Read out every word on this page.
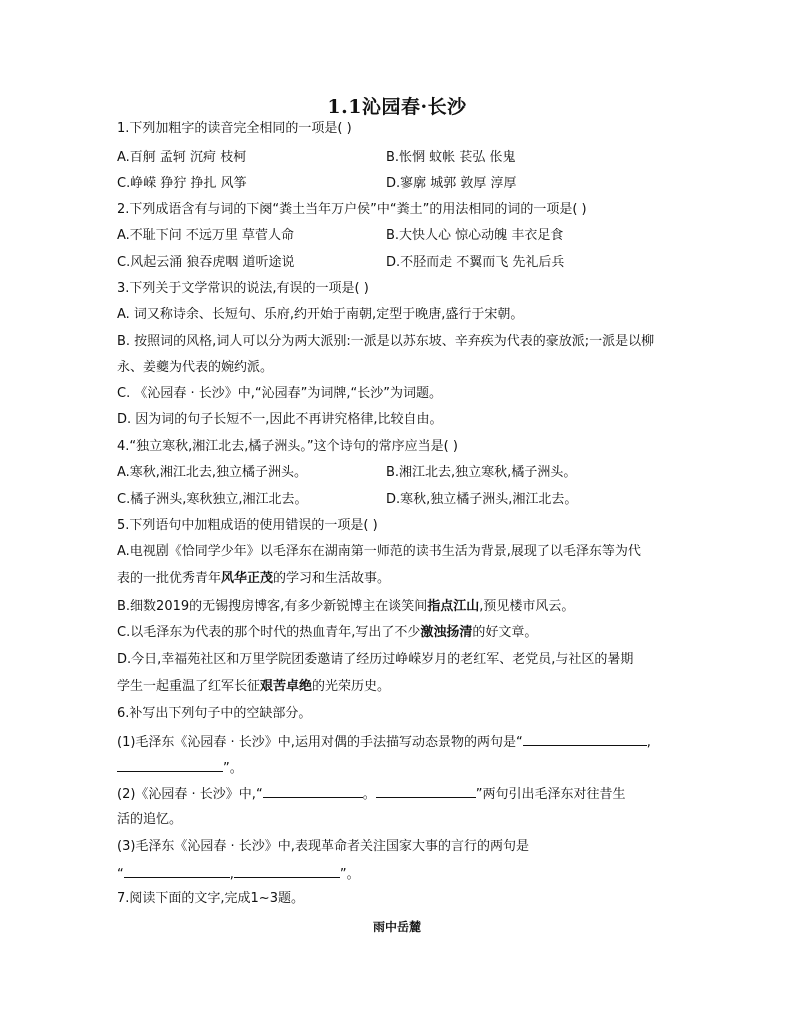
1.1沁园春·长沙
1.下列加粗字的读音完全相同的一项是( )
A.百舸 孟轲 沉疴 枝柯	B.怅惘 蚊帐 苌弘 伥鬼
C.峥嵘 狰狞 挣扎 风筝	D.寥廓 城郭 敦厚 淳厚
2.下列成语含有与词的下阕“粪土当年万户侯”中“粪土”的用法相同的词的一项是( )
A.不耻下问 不远万里 草菅人命	B.大快人心 惊心动魄 丰衣足食
C.风起云涌 狼吞虎咽 道听途说	D.不胫而走 不翼而飞 先礼后兵
3.下列关于文学常识的说法,有误的一项是( )
A. 词又称诗余、长短句、乐府,约开始于南朝,定型于晚唐,盛行于宋朝。
B. 按照词的风格,词人可以分为两大派别:一派是以苏东坡、辛弃疾为代表的豪放派;一派是以柳
永、姜夔为代表的婉约派。
C. 《沁园春 · 长沙》中,“沁园春”为词牌,“长沙”为词题。
D. 因为词的句子长短不一,因此不再讲究格律,比较自由。
4.“独立寒秋,湘江北去,橘子洲头。”这个诗句的常序应当是( )
A.寒秋,湘江北去,独立橘子洲头。	B.湘江北去,独立寒秋,橘子洲头。
C.橘子洲头,寒秋独立,湘江北去。	D.寒秋,独立橘子洲头,湘江北去。
5.下列语句中加粗成语的使用错误的一项是( )
A.电视剧《恰同学少年》以毛泽东在湖南第一师范的读书生活为背景,展现了以毛泽东等为代
表的一批优秀青年风华正茂的学习和生活故事。
B.细数2019的无锡搜房博客,有多少新锐博主在谈笑间指点江山,预见楼市风云。
C.以毛泽东为代表的那个时代的热血青年,写出了不少激浊扬清的好文章。
D.今日,幸福苑社区和万里学院团委邀请了经历过峥嵘岁月的老红军、老党员,与社区的暑期
学生一起重温了红军长征艰苦卓绝的光荣历史。
6.补写出下列句子中的空缺部分。
(1)毛泽东《沁园春 · 长沙》中,运用对偶的手法描写动态景物的两句是“	,
”。
(2)《沁园春 · 长沙》中,“	。	”两句引出毛泽东对往昔生
活的追忆。
(3)毛泽东《沁园春 · 长沙》中,表现革命者关注国家大事的言行的两句是
“	,	”。
7.阅读下面的文字,完成1~3题。
雨中岳麓
